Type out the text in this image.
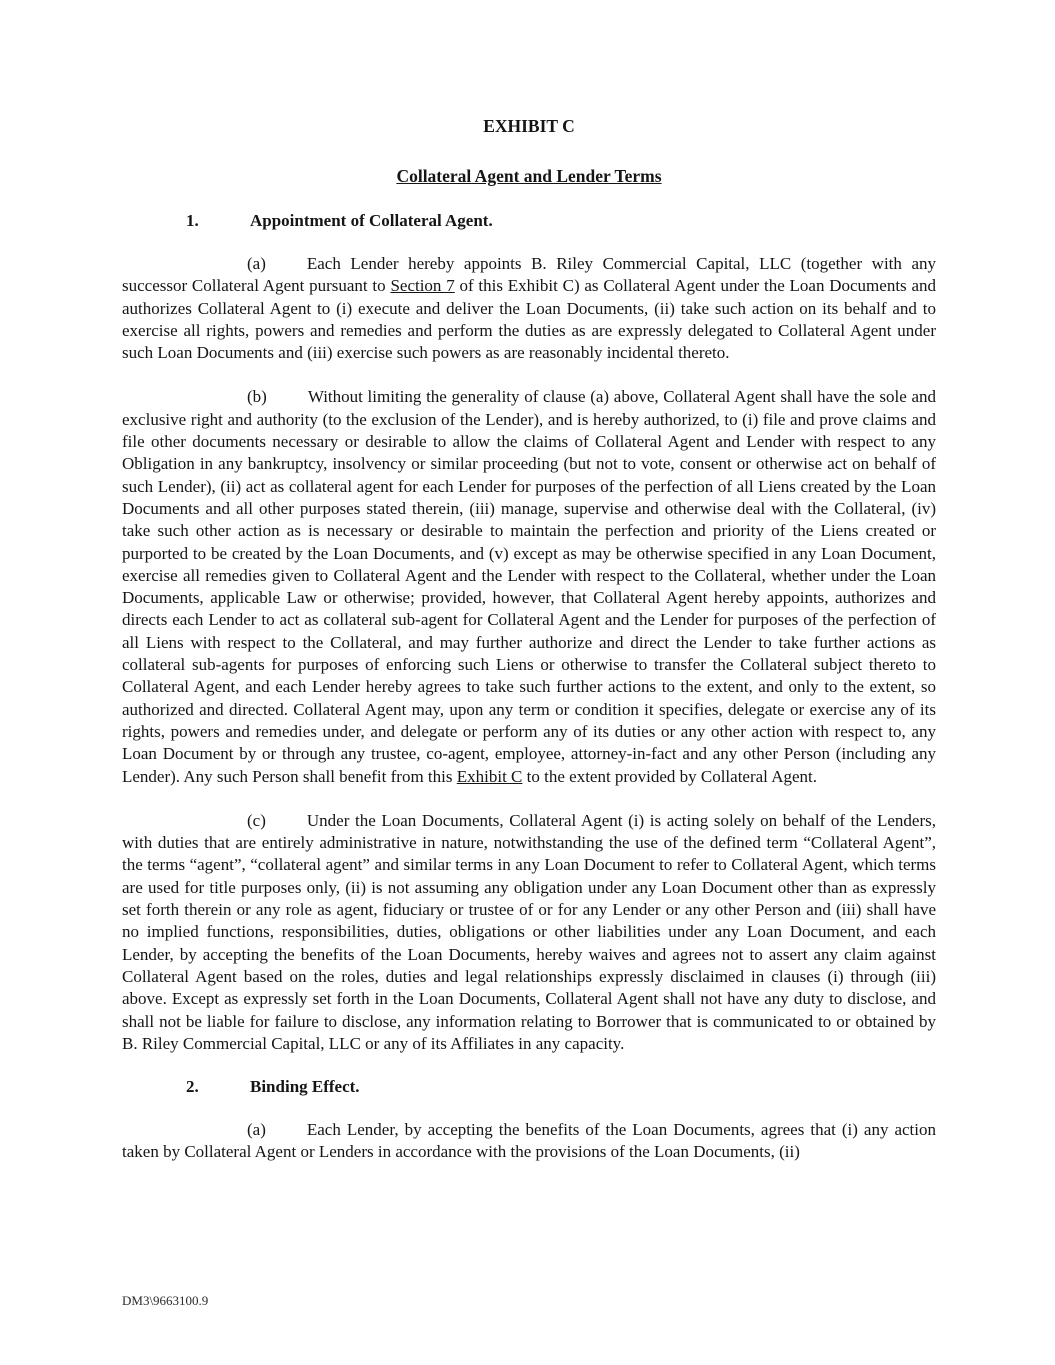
EXHIBIT C
Collateral Agent and Lender Terms
1.	Appointment of Collateral Agent.

(a) Each Lender hereby appoints B. Riley Commercial Capital, LLC (together with any successor Collateral Agent pursuant to Section 7 of this Exhibit C) as Collateral Agent under the Loan Documents and authorizes Collateral Agent to (i) execute and deliver the Loan Documents, (ii) take such action on its behalf and to exercise all rights, powers and remedies and perform the duties as are expressly delegated to Collateral Agent under such Loan Documents and (iii) exercise such powers as are reasonably incidental thereto.

(b) Without limiting the generality of clause (a) above, Collateral Agent shall have the sole and exclusive right and authority (to the exclusion of the Lender), and is hereby authorized, to (i) file and prove claims and file other documents necessary or desirable to allow the claims of Collateral Agent and Lender with respect to any Obligation in any bankruptcy, insolvency or similar proceeding (but not to vote, consent or otherwise act on behalf of such Lender), (ii) act as collateral agent for each Lender for purposes of the perfection of all Liens created by the Loan Documents and all other purposes stated therein, (iii) manage, supervise and otherwise deal with the Collateral, (iv) take such other action as is necessary or desirable to maintain the perfection and priority of the Liens created or purported to be created by the Loan Documents, and (v) except as may be otherwise specified in any Loan Document, exercise all remedies given to Collateral Agent and the Lender with respect to the Collateral, whether under the Loan Documents, applicable Law or otherwise; provided, however, that Collateral Agent hereby appoints, authorizes and directs each Lender to act as collateral sub-agent for Collateral Agent and the Lender for purposes of the perfection of all Liens with respect to the Collateral, and may further authorize and direct the Lender to take further actions as collateral sub-agents for purposes of enforcing such Liens or otherwise to transfer the Collateral subject thereto to Collateral Agent, and each Lender hereby agrees to take such further actions to the extent, and only to the extent, so authorized and directed. Collateral Agent may, upon any term or condition it specifies, delegate or exercise any of its rights, powers and remedies under, and delegate or perform any of its duties or any other action with respect to, any Loan Document by or through any trustee, co-agent, employee, attorney-in-fact and any other Person (including any Lender). Any such Person shall benefit from this Exhibit C to the extent provided by Collateral Agent.

(c) Under the Loan Documents, Collateral Agent (i) is acting solely on behalf of the Lenders, with duties that are entirely administrative in nature, notwithstanding the use of the defined term “Collateral Agent”, the terms “agent”, “collateral agent” and similar terms in any Loan Document to refer to Collateral Agent, which terms are used for title purposes only, (ii) is not assuming any obligation under any Loan Document other than as expressly set forth therein or any role as agent, fiduciary or trustee of or for any Lender or any other Person and (iii) shall have no implied functions, responsibilities, duties, obligations or other liabilities under any Loan Document, and each Lender, by accepting the benefits of the Loan Documents, hereby waives and agrees not to assert any claim against Collateral Agent based on the roles, duties and legal relationships expressly disclaimed in clauses (i) through (iii) above. Except as expressly set forth in the Loan Documents, Collateral Agent shall not have any duty to disclose, and shall not be liable for failure to disclose, any information relating to Borrower that is communicated to or obtained by B. Riley Commercial Capital, LLC or any of its Affiliates in any capacity.

2.	Binding Effect.

(a) Each Lender, by accepting the benefits of the Loan Documents, agrees that (i) any action taken by Collateral Agent or Lenders in accordance with the provisions of the Loan Documents, (ii)

DM3\9663100.9
